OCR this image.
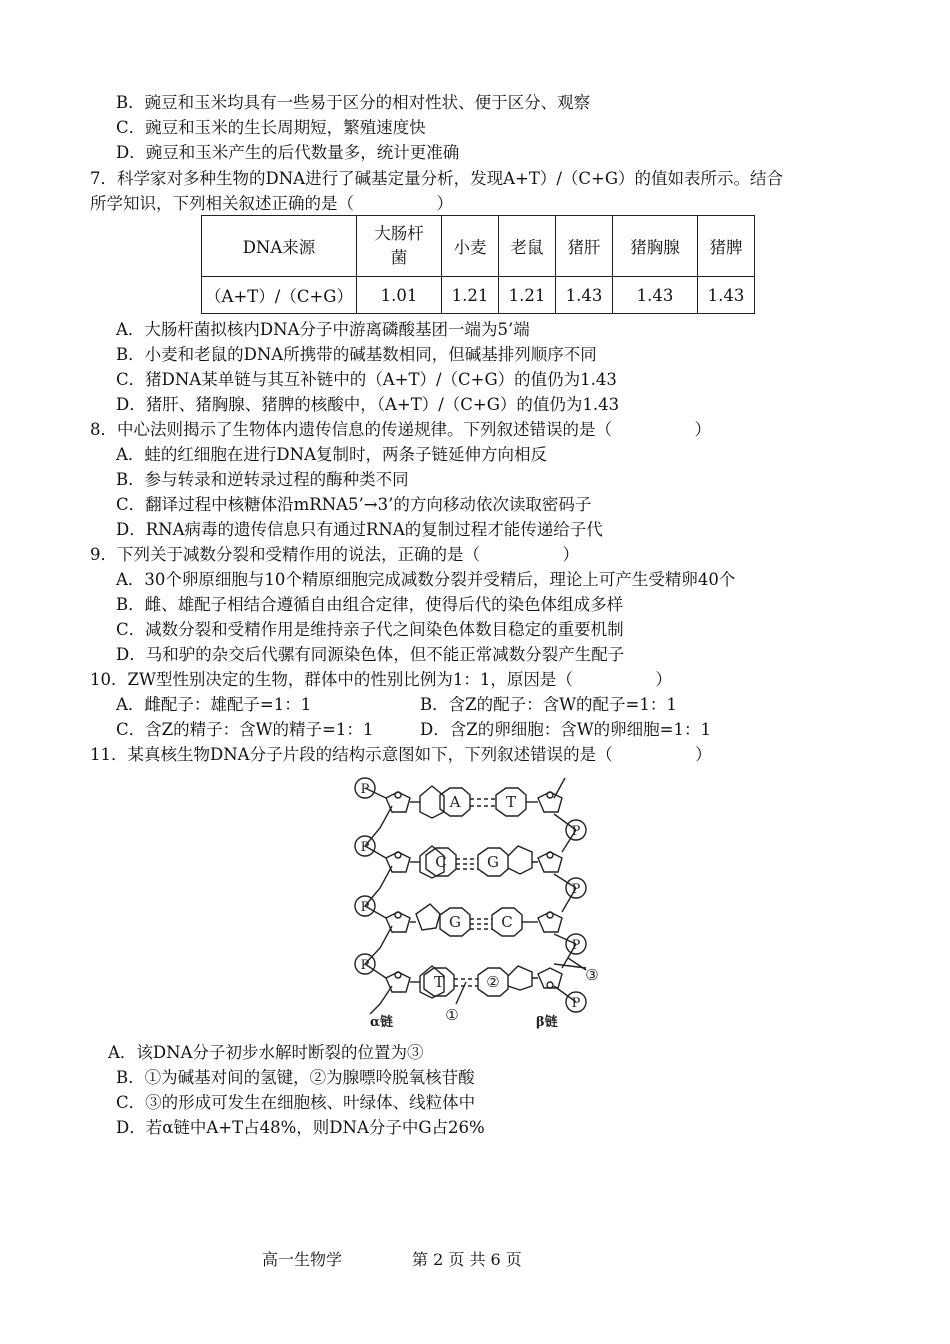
B．豌豆和玉米均具有一些易于区分的相对性状、便于区分、观察
C．豌豆和玉米的生长周期短，繁殖速度快
D．豌豆和玉米产生的后代数量多，统计更准确
7．科学家对多种生物的DNA进行了碱基定量分析，发现A+T）/（C+G）的值如表所示。结合
所学知识，下列相关叙述正确的是（　　　　　）
DNA来源	大肠杆菌	小麦	老鼠	猪肝	猪胸腺	猪脾
（A+T）/（C+G）	1.01	1.21	1.21	1.43	1.43	1.43
A．大肠杆菌拟核内DNA分子中游离磷酸基团一端为5’端
B．小麦和老鼠的DNA所携带的碱基数相同，但碱基排列顺序不同
C．猪DNA某单链与其互补链中的（A+T）/（C+G）的值仍为1.43
D．猪肝、猪胸腺、猪脾的核酸中，（A+T）/（C+G）的值仍为1.43
8．中心法则揭示了生物体内遗传信息的传递规律。下列叙述错误的是（　　　　　）
A．蛙的红细胞在进行DNA复制时，两条子链延伸方向相反
B．参与转录和逆转录过程的酶种类不同
C．翻译过程中核糖体沿mRNA5’→3’的方向移动依次读取密码子
D．RNA病毒的遗传信息只有通过RNA的复制过程才能传递给子代
9．下列关于减数分裂和受精作用的说法，正确的是（　　　　　）
A．30个卵原细胞与10个精原细胞完成减数分裂并受精后，理论上可产生受精卵40个
B．雌、雄配子相结合遵循自由组合定律，使得后代的染色体组成多样
C．减数分裂和受精作用是维持亲子代之间染色体数目稳定的重要机制
D．马和驴的杂交后代骡有同源染色体，但不能正常减数分裂产生配子
10．ZW型性别决定的生物，群体中的性别比例为1：1，原因是（　　　　　）
A．雌配子：雄配子=1：1	B．含Z的配子：含W的配子=1：1
C．含Z的精子：含W的精子=1：1	D．含Z的卵细胞：含W的卵细胞=1：1
11．某真核生物DNA分子片段的结构示意图如下，下列叙述错误的是（　　　　　）
P
P
P
P
P
P
P
P
A
C
G
T
T
G
C
②
①
③
α链	β链
A．该DNA分子初步水解时断裂的位置为③
B．①为碱基对间的氢键，②为腺嘌呤脱氧核苷酸
C．③的形成可发生在细胞核、叶绿体、线粒体中
D．若α链中A+T占48%，则DNA分子中G占26%
高一生物学	第 2 页 共 6 页
